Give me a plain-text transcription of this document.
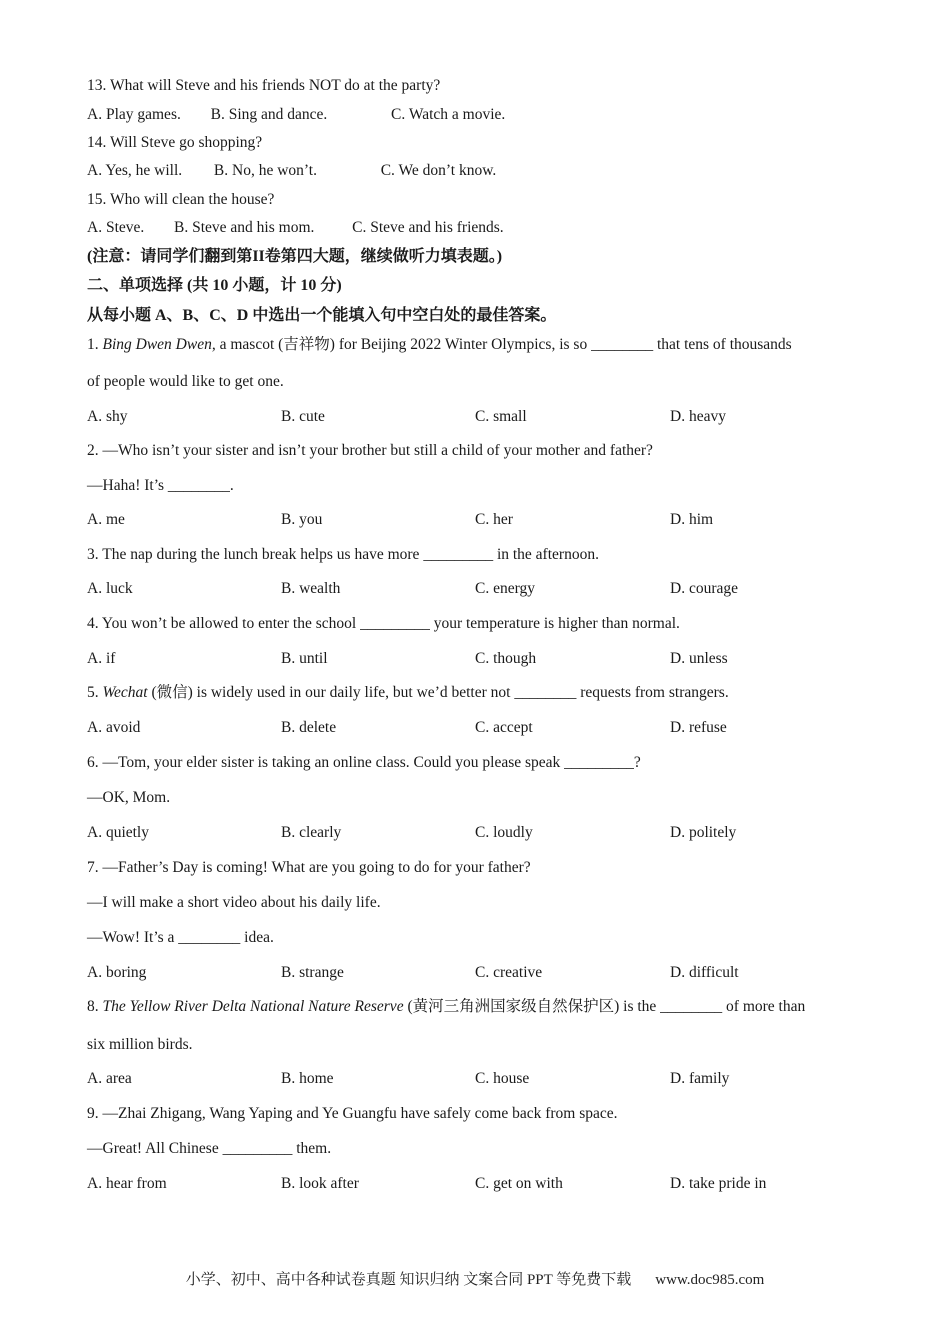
13. What will Steve and his friends NOT do at the party?
A. Play games. B. Sing and dance.	C. Watch a movie.
14. Will Steve go shopping?
A. Yes, he will. B. No, he won’t.	C. We don’t know.
15. Who will clean the house?
A. Steve. B. Steve and his mom. C. Steve and his friends.
(注意：请同学们翻到第II卷第四大题，继续做听力填表题。)
二、单项选择 (共 10 小题，计 10 分)
从每小题 A、B、C、D 中选出一个能填入句中空白处的最佳答案。
1. Bing Dwen Dwen, a mascot (吉祥物) for Beijing 2022 Winter Olympics, is so ________ that tens of thousands
of people would like to get one.
A. shy	B. cute	C. small	D. heavy
2. —Who isn’t your sister and isn’t your brother but still a child of your mother and father?
—Haha! It’s ________.
A. me	B. you	C. her	D. him
3. The nap during the lunch break helps us have more _________ in the afternoon.
A. luck	B. wealth	C. energy	D. courage
4. You won’t be allowed to enter the school _________ your temperature is higher than normal.
A. if	B. until	C. though	D. unless
5. Wechat (微信) is widely used in our daily life, but we’d better not ________ requests from strangers.
A. avoid	B. delete	C. accept	D. refuse
6. —Tom, your elder sister is taking an online class. Could you please speak _________?
—OK, Mom.
A. quietly	B. clearly	C. loudly	D. politely
7. —Father’s Day is coming! What are you going to do for your father?
—I will make a short video about his daily life.
—Wow! It’s a ________ idea.
A. boring	B. strange	C. creative	D. difficult
8. The Yellow River Delta National Nature Reserve (黄河三角洲国家级自然保护区) is the ________ of more than
six million birds.
A. area	B. home	C. house	D. family
9. —Zhai Zhigang, Wang Yaping and Ye Guangfu have safely come back from space.
—Great! All Chinese _________ them.
A. hear from	B. look after	C. get on with	D. take pride in
小学、初中、高中各种试卷真题 知识归纳 文案合同 PPT 等免费下载 www.doc985.com
